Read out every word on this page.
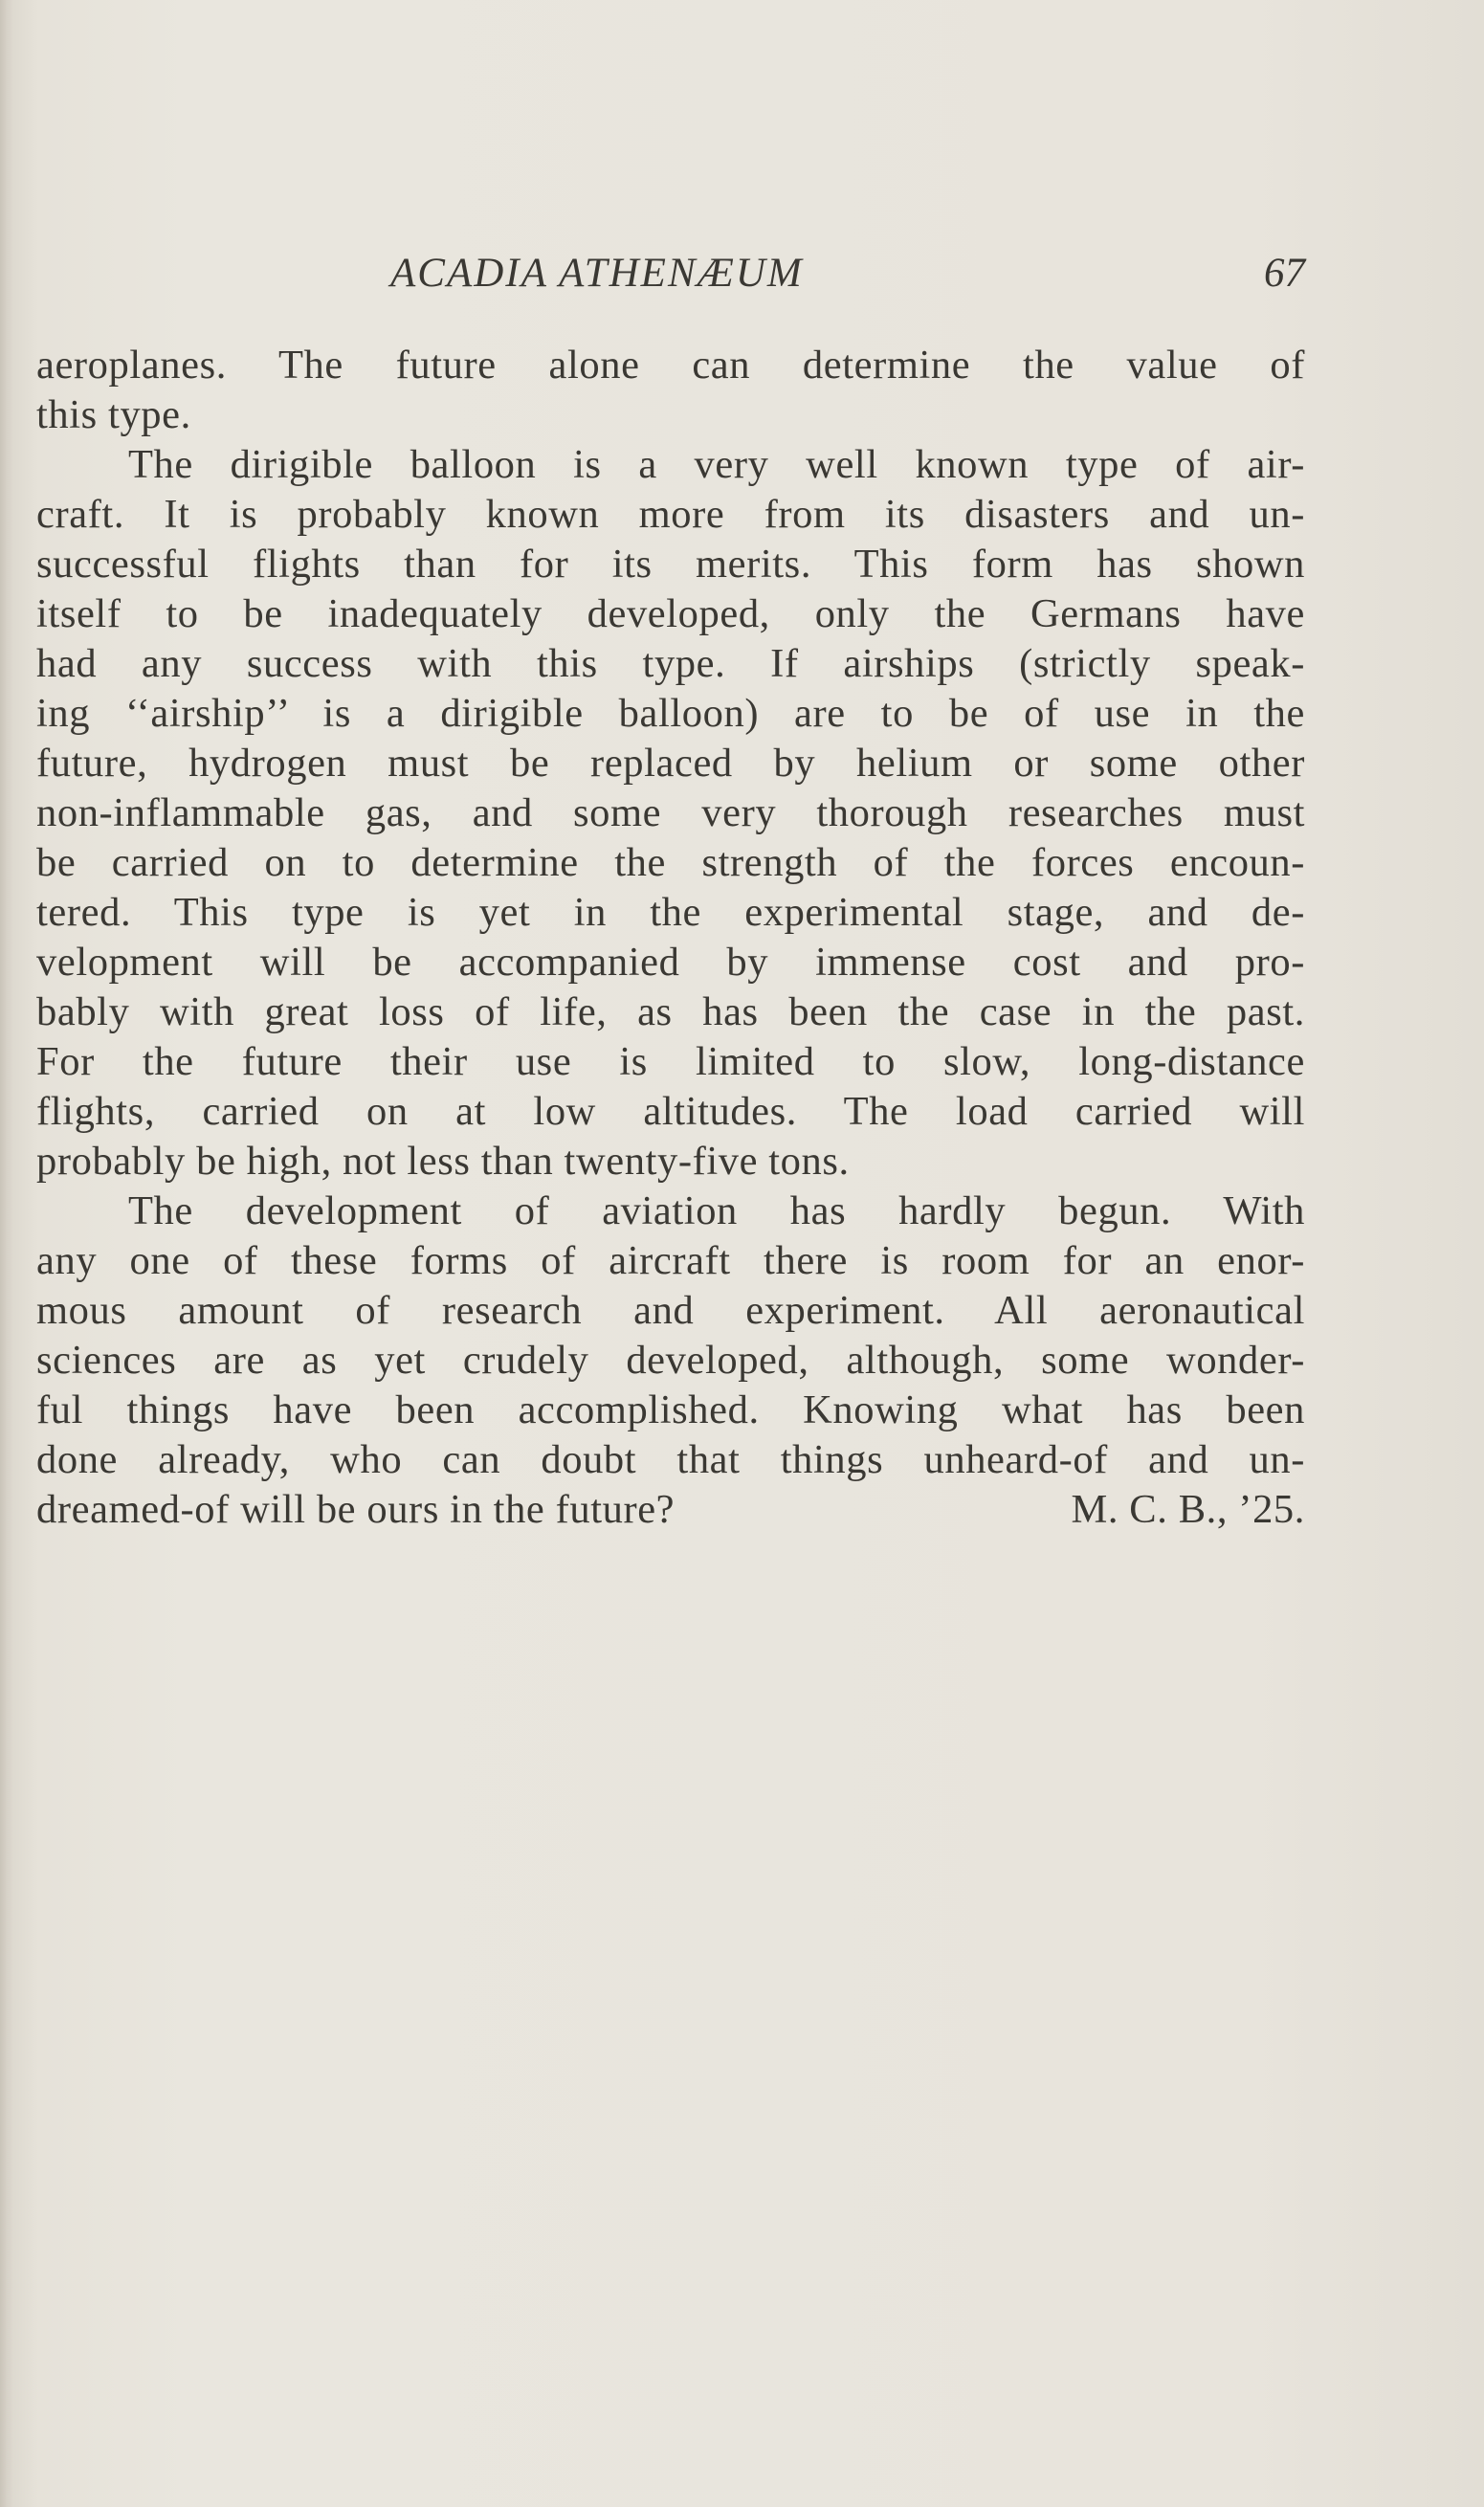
ACADIA ATHENÆUM	67
aeroplanes. The future alone can determine the value of
this type.
The dirigible balloon is a very well known type of air-
craft. It is probably known more from its disasters and un-
successful flights than for its merits. This form has shown
itself to be inadequately developed, only the Germans have
had any success with this type. If airships (strictly speak-
ing ‘‘airship’’ is a dirigible balloon) are to be of use in the
future, hydrogen must be replaced by helium or some other
non-inflammable gas, and some very thorough researches must
be carried on to determine the strength of the forces encoun-
tered. This type is yet in the experimental stage, and de-
velopment will be accompanied by immense cost and pro-
bably with great loss of life, as has been the case in the past.
For the future their use is limited to slow, long-distance
flights, carried on at low altitudes. The load carried will
probably be high, not less than twenty-five tons.
The development of aviation has hardly begun. With
any one of these forms of aircraft there is room for an enor-
mous amount of research and experiment. All aeronautical
sciences are as yet crudely developed, although, some wonder-
ful things have been accomplished. Knowing what has been
done already, who can doubt that things unheard-of and un-
dreamed-of will be ours in the future?	M. C. B., ’25.
